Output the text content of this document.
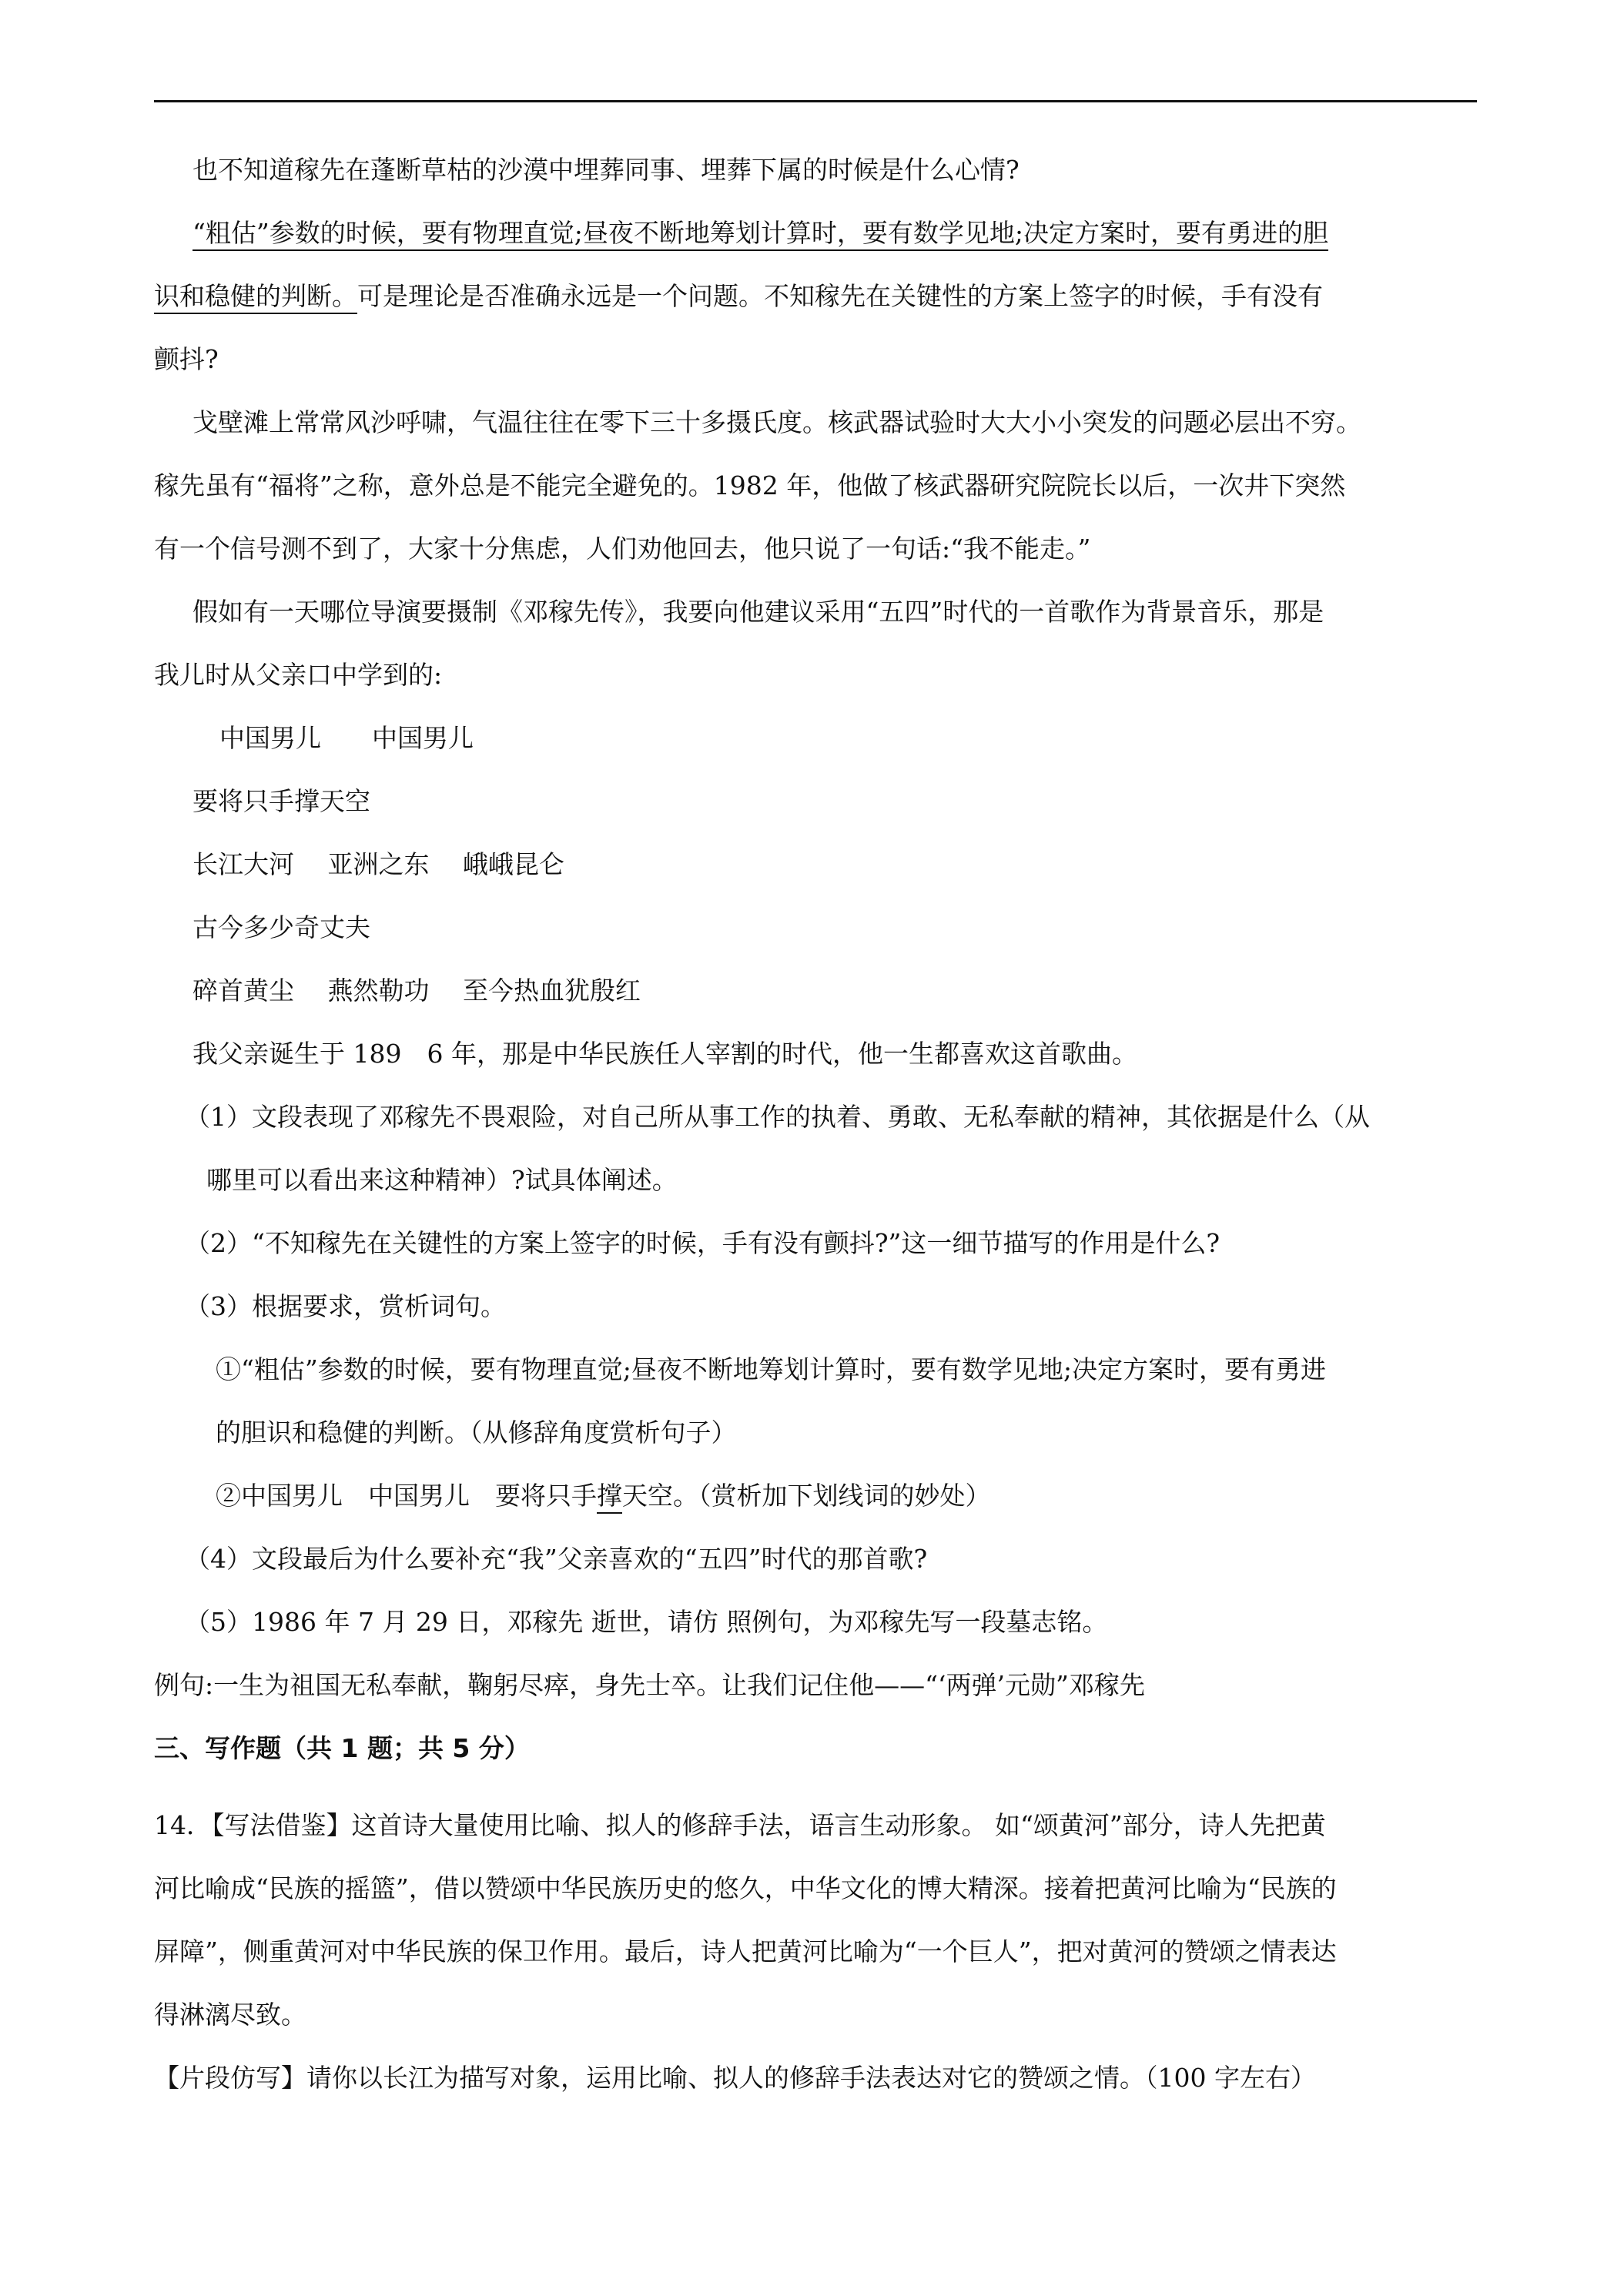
也不知道稼先在蓬断草枯的沙漠中埋葬同事、埋葬下属的时候是什么心情?

“粗估”参数的时候，要有物理直觉;昼夜不断地筹划计算时，要有数学见地;决定方案时，要有勇进的胆

识和稳健的判断。可是理论是否准确永远是一个问题。不知稼先在关键性的方案上签字的时候，手有没有

颤抖?

戈壁滩上常常风沙呼啸，气温往往在零下三十多摄氏度。核武器试验时大大小小突发的问题必层出不穷。

稼先虽有“福将”之称，意外总是不能完全避免的。1982 年，他做了核武器研究院院长以后，一次井下突然

有一个信号测不到了，大家十分焦虑，人们劝他回去，他只说了一句话:“我不能走。”

假如有一天哪位导演要摄制《邓稼先传》，我要向他建议采用“五四”时代的一首歌作为背景音乐，那是

我儿时从父亲口中学到的:

中国男儿　　中国男儿

要将只手撑天空

长江大河　 亚洲之东　 峨峨昆仑

古今多少奇丈夫

碎首黄尘　 燕然勒功　 至今热血犹殷红

我父亲诞生于 189　6 年，那是中华民族任人宰割的时代，他一生都喜欢这首歌曲。

（1）文段表现了邓稼先不畏艰险，对自己所从事工作的执着、勇敢、无私奉献的精神，其依据是什么（从

哪里可以看出来这种精神）?试具体阐述。

（2）“不知稼先在关键性的方案上签字的时候，手有没有颤抖?”这一细节描写的作用是什么?

（3）根据要求，赏析词句。

①“粗估”参数的时候，要有物理直觉;昼夜不断地筹划计算时，要有数学见地;决定方案时，要有勇进

的胆识和稳健的判断。（从修辞角度赏析句子）

②中国男儿　中国男儿　要将只手撑天空。（赏析加下划线词的妙处）

（4）文段最后为什么要补充“我”父亲喜欢的“五四”时代的那首歌?

（5）1986 年 7 月 29 日，邓稼先 逝世，请仿 照例句，为邓稼先写一段墓志铭。

例句:一生为祖国无私奉献，鞠躬尽瘁，身先士卒。让我们记住他——“‘两弹’元勋”邓稼先

三、写作题（共 1 题；共 5 分）

14．【写法借鉴】这首诗大量使用比喻、拟人的修辞手法，语言生动形象。 如“颂黄河”部分，诗人先把黄

河比喻成“民族的摇篮”，借以赞颂中华民族历史的悠久，中华文化的博大精深。接着把黄河比喻为“民族的

屏障”，侧重黄河对中华民族的保卫作用。最后，诗人把黄河比喻为“一个巨人”，把对黄河的赞颂之情表达

得淋漓尽致。

【片段仿写】请你以长江为描写对象，运用比喻、拟人的修辞手法表达对它的赞颂之情。（100 字左右）
